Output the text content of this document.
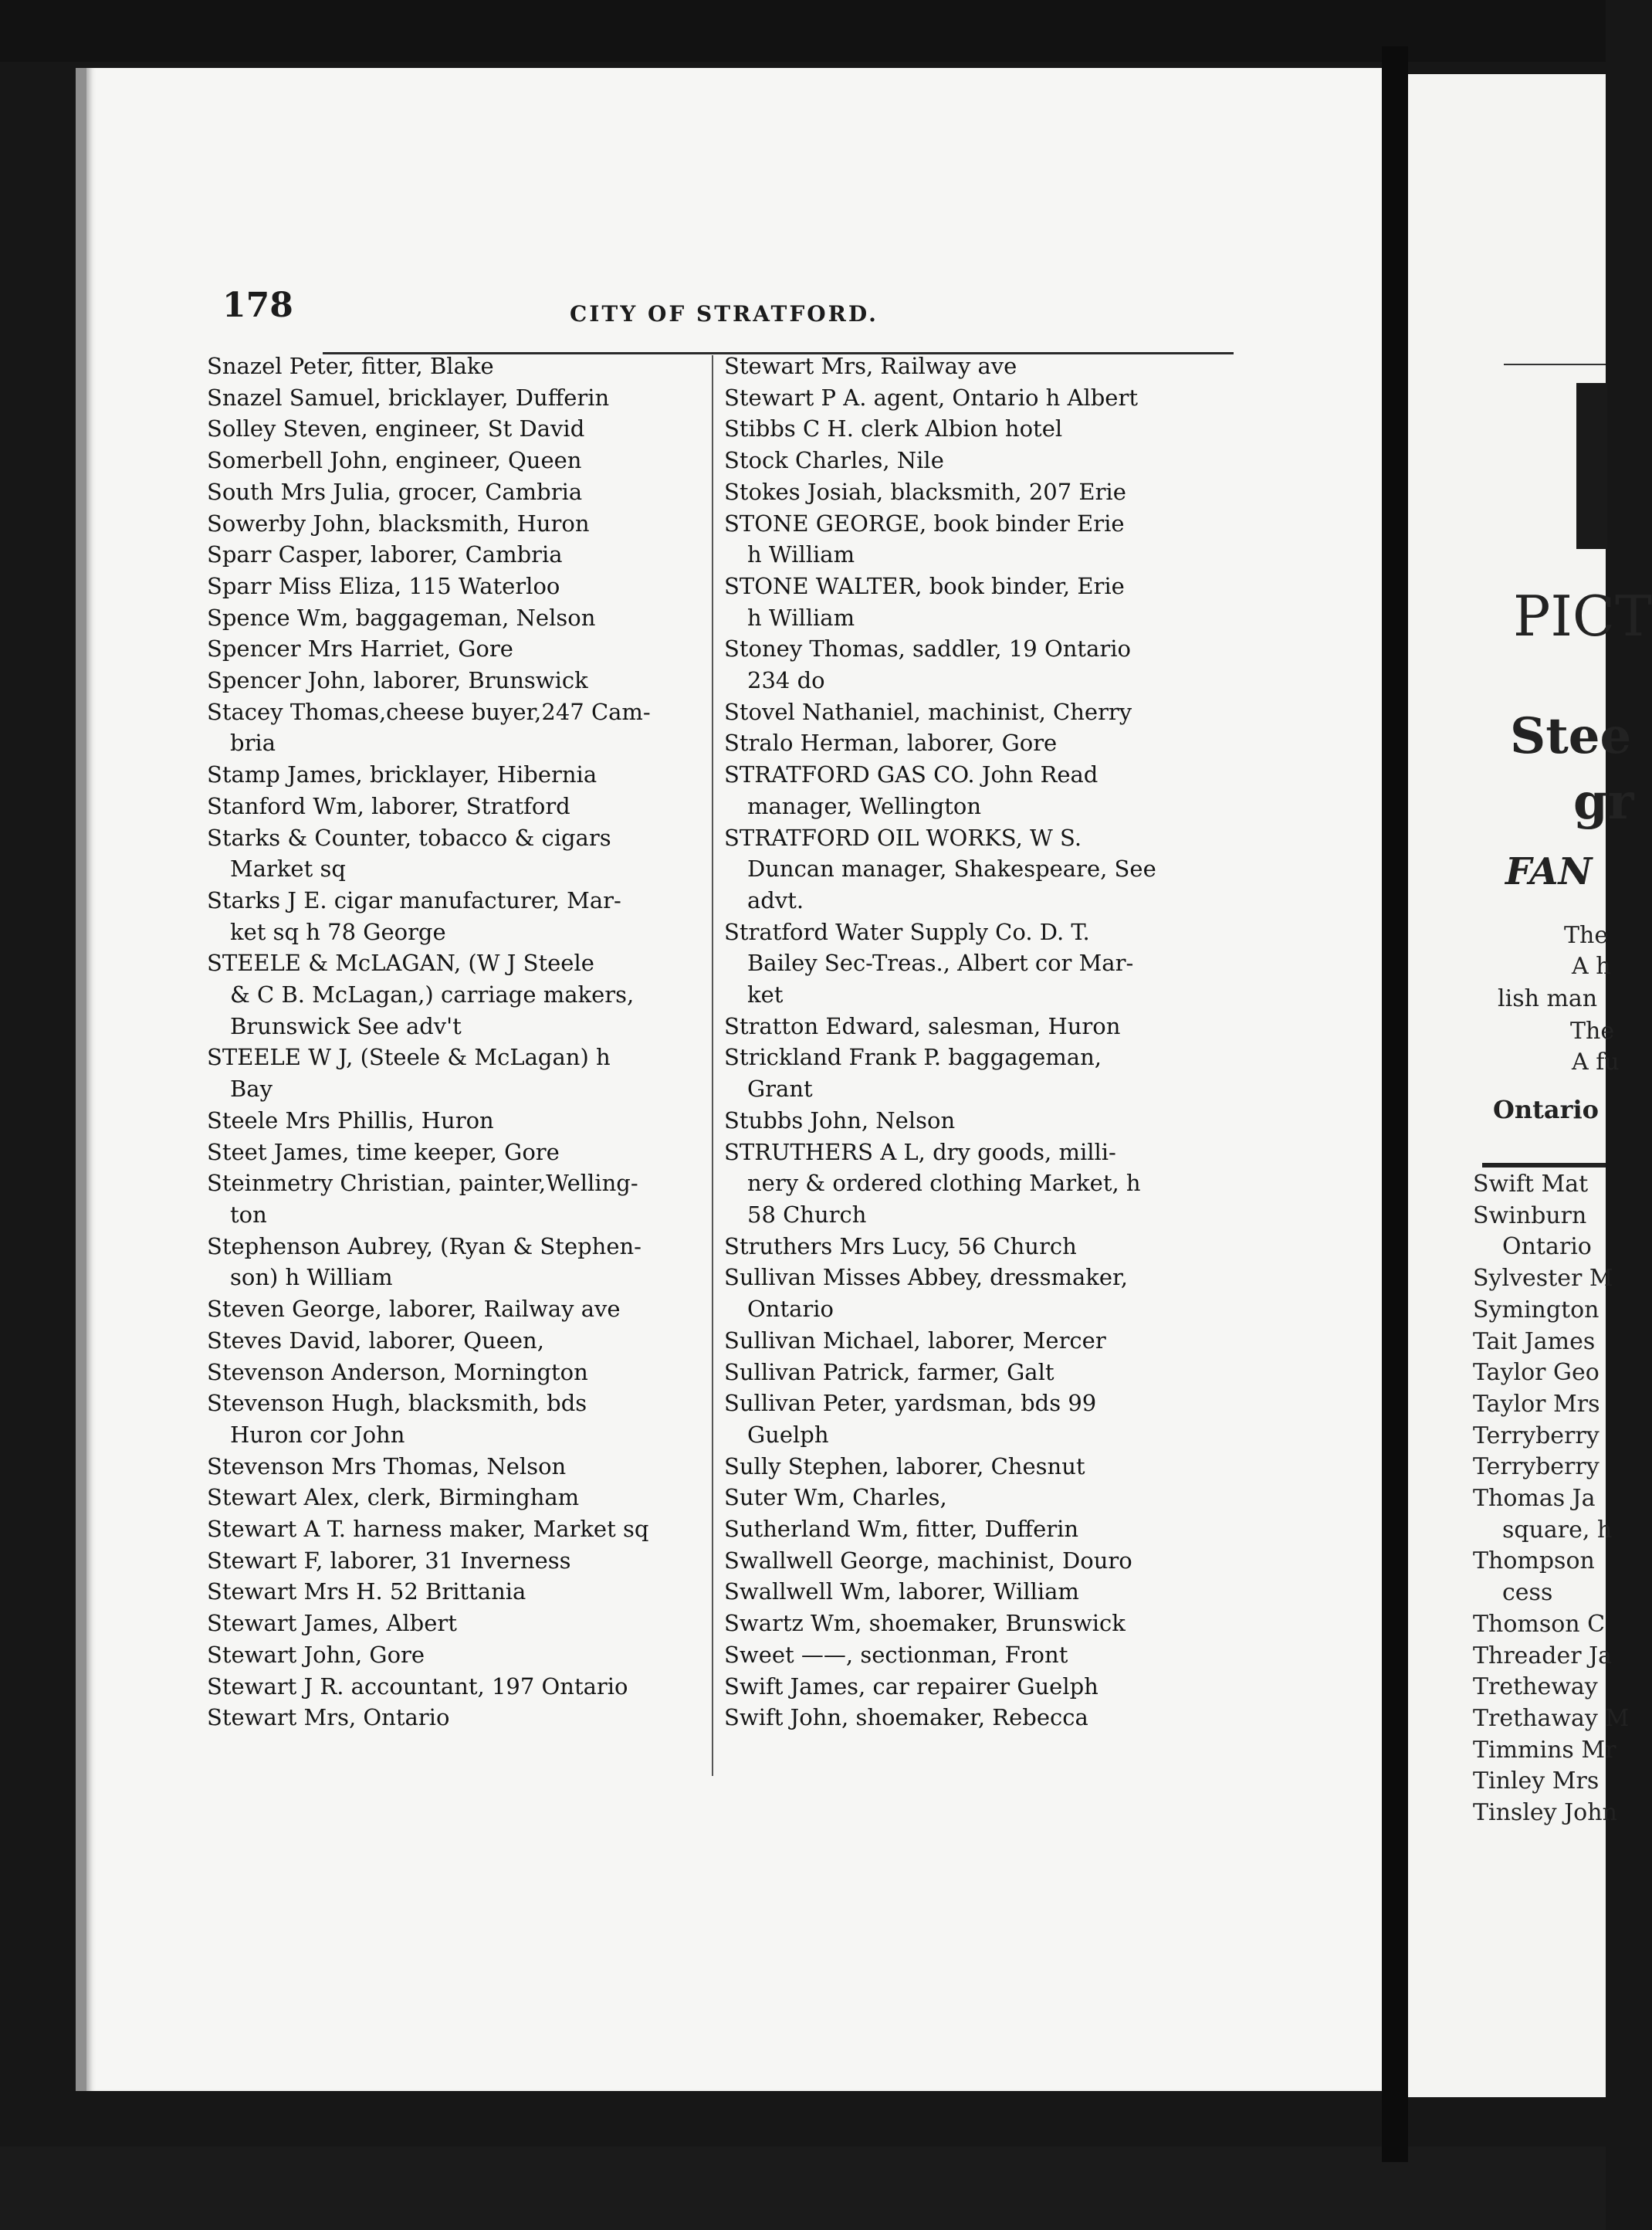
PICT
Stee
gr
FAN
The
A h
lish man
The
A fu
Ontario
Swift Mat
Swinburn
Ontario
Sylvester M
Symington
Tait James
Taylor Geo
Taylor Mrs
Terryberry
Terryberry
Thomas Ja
square, h
Thompson
cess
Thomson C
Threader Ja
Tretheway
Trethaway M
Timmins Mr
Tinley Mrs
Tinsley John
178	CITY OF STRATFORD.
Snazel Peter, fitter, Blake
Snazel Samuel, bricklayer, Dufferin
Solley Steven, engineer, St David
Somerbell John, engineer, Queen
South Mrs Julia, grocer, Cambria
Sowerby John, blacksmith, Huron
Sparr Casper, laborer, Cambria
Sparr Miss Eliza, 115 Waterloo
Spence Wm, baggageman, Nelson
Spencer Mrs Harriet, Gore
Spencer John, laborer, Brunswick
Stacey Thomas,cheese buyer,247 Cam-
bria
Stamp James, bricklayer, Hibernia
Stanford Wm, laborer, Stratford
Starks & Counter, tobacco & cigars
Market sq
Starks J E. cigar manufacturer, Mar-
ket sq h 78 George
STEELE & McLAGAN, (W J Steele
& C B. McLagan,) carriage makers,
Brunswick See adv't
STEELE W J, (Steele & McLagan) h
Bay
Steele Mrs Phillis, Huron
Steet James, time keeper, Gore
Steinmetry Christian, painter,Welling-
ton
Stephenson Aubrey, (Ryan & Stephen-
son) h William
Steven George, laborer, Railway ave
Steves David, laborer, Queen,
Stevenson Anderson, Mornington
Stevenson Hugh, blacksmith, bds
Huron cor John
Stevenson Mrs Thomas, Nelson
Stewart Alex, clerk, Birmingham
Stewart A T. harness maker, Market sq
Stewart F, laborer, 31 Inverness
Stewart Mrs H. 52 Brittania
Stewart James, Albert
Stewart John, Gore
Stewart J R. accountant, 197 Ontario
Stewart Mrs, Ontario
Stewart Mrs, Railway ave
Stewart P A. agent, Ontario h Albert
Stibbs C H. clerk Albion hotel
Stock Charles, Nile
Stokes Josiah, blacksmith, 207 Erie
STONE GEORGE, book binder Erie
h William
STONE WALTER, book binder, Erie
h William
Stoney Thomas, saddler, 19 Ontario
234 do
Stovel Nathaniel, machinist, Cherry
Stralo Herman, laborer, Gore
STRATFORD GAS CO. John Read
manager, Wellington
STRATFORD OIL WORKS, W S.
Duncan manager, Shakespeare, See
advt.
Stratford Water Supply Co. D. T.
Bailey Sec-Treas., Albert cor Mar-
ket
Stratton Edward, salesman, Huron
Strickland Frank P. baggageman,
Grant
Stubbs John, Nelson
STRUTHERS A L, dry goods, milli-
nery & ordered clothing Market, h
58 Church
Struthers Mrs Lucy, 56 Church
Sullivan Misses Abbey, dressmaker,
Ontario
Sullivan Michael, laborer, Mercer
Sullivan Patrick, farmer, Galt
Sullivan Peter, yardsman, bds 99
Guelph
Sully Stephen, laborer, Chesnut
Suter Wm, Charles,
Sutherland Wm, fitter, Dufferin
Swallwell George, machinist, Douro
Swallwell Wm, laborer, William
Swartz Wm, shoemaker, Brunswick
Sweet ——, sectionman, Front
Swift James, car repairer Guelph
Swift John, shoemaker, Rebecca
